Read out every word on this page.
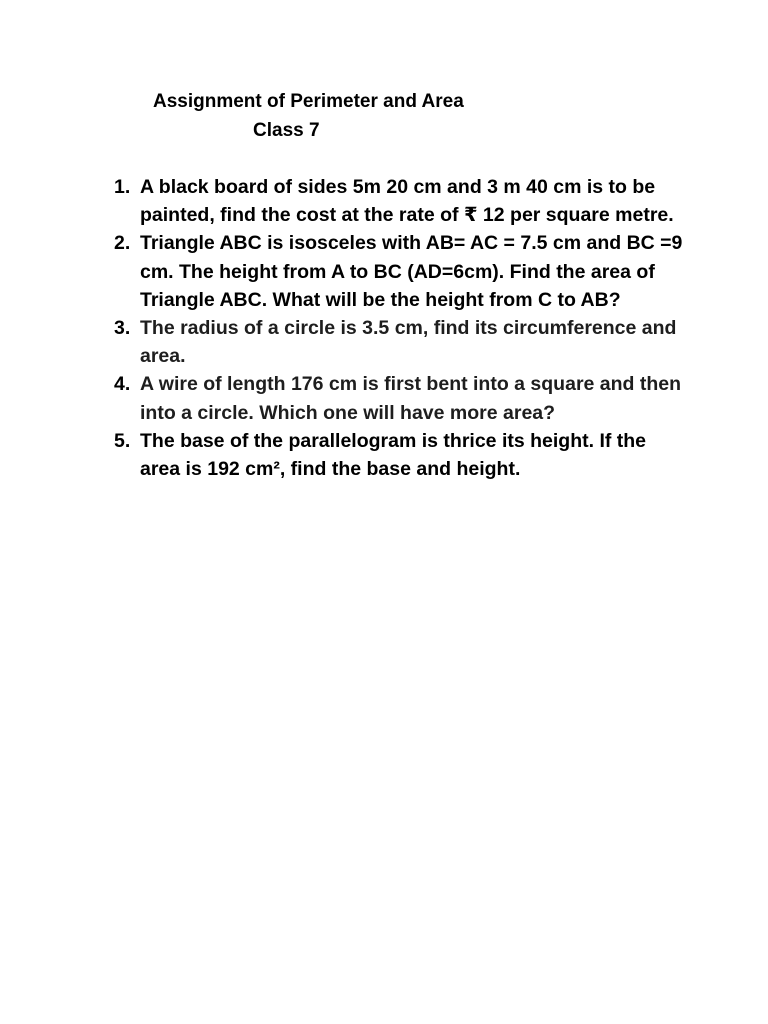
Assignment of Perimeter and Area
Class 7
1. A black board of sides 5m 20 cm and 3 m 40 cm is to be painted, find the cost at the rate of ₹ 12 per square metre.
2. Triangle ABC is isosceles with AB= AC = 7.5 cm and BC =9 cm. The height from A to BC (AD=6cm). Find the area of Triangle ABC. What will be the height from C to AB?
3. The radius of a circle is 3.5 cm, find its circumference and area.
4. A wire of length 176 cm is first bent into a square and then into a circle. Which one will have more area?
5. The base of the parallelogram is thrice its height. If the area is 192 cm², find the base and height.
